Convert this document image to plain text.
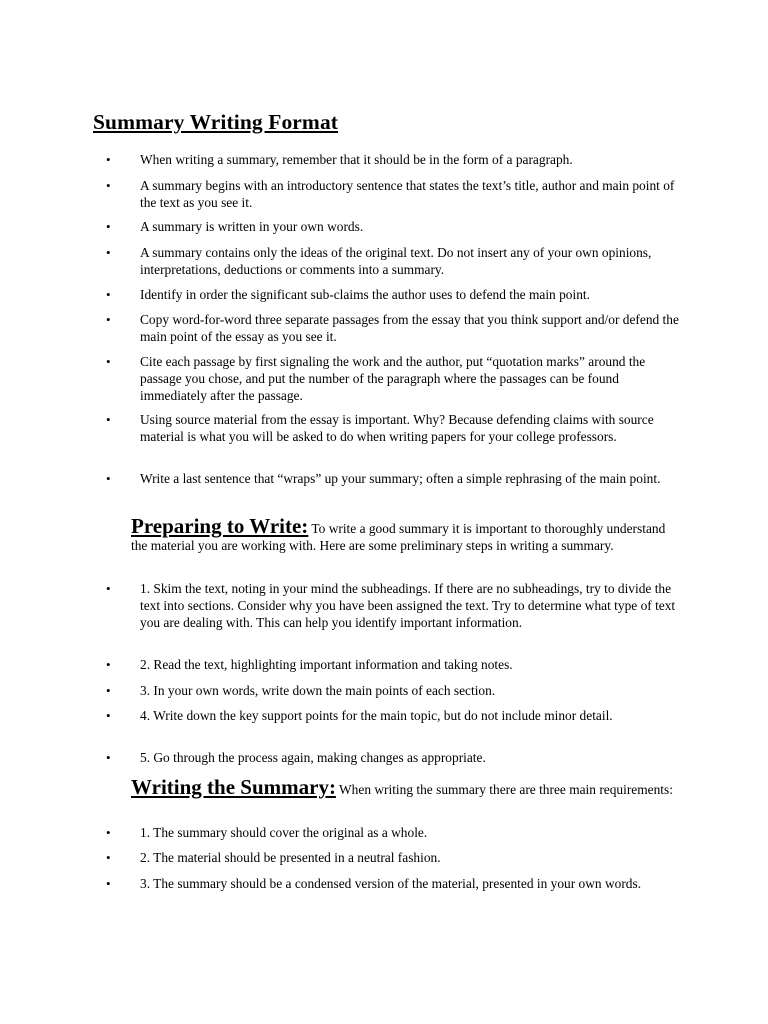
Summary Writing Format
•	When writing a summary, remember that it should be in the form of a paragraph.
•	A summary begins with an introductory sentence that states the text’s title, author and main point of the text as you see it.
•	A summary is written in your own words.
•	A summary contains only the ideas of the original text. Do not insert any of your own opinions, interpretations, deductions or comments into a summary.
•	Identify in order the significant sub-claims the author uses to defend the main point.
•	Copy word-for-word three separate passages from the essay that you think support and/or defend the main point of the essay as you see it.
•	Cite each passage by first signaling the work and the author, put “quotation marks” around the passage you chose, and put the number of the paragraph where the passages can be found immediately after the passage.
•	Using source material from the essay is important. Why? Because defending claims with source material is what you will be asked to do when writing papers for your college professors.
•	Write a last sentence that “wraps” up your summary; often a simple rephrasing of the main point.
Preparing to Write: To write a good summary it is important to thoroughly understand the material you are working with. Here are some preliminary steps in writing a summary.
•	1. Skim the text, noting in your mind the subheadings. If there are no subheadings, try to divide the text into sections. Consider why you have been assigned the text. Try to determine what type of text you are dealing with. This can help you identify important information.
•	2. Read the text, highlighting important information and taking notes.
•	3. In your own words, write down the main points of each section.
•	4. Write down the key support points for the main topic, but do not include minor detail.
•	5. Go through the process again, making changes as appropriate.
Writing the Summary: When writing the summary there are three main requirements:
•	1. The summary should cover the original as a whole.
•	2. The material should be presented in a neutral fashion.
•	3. The summary should be a condensed version of the material, presented in your own words.
